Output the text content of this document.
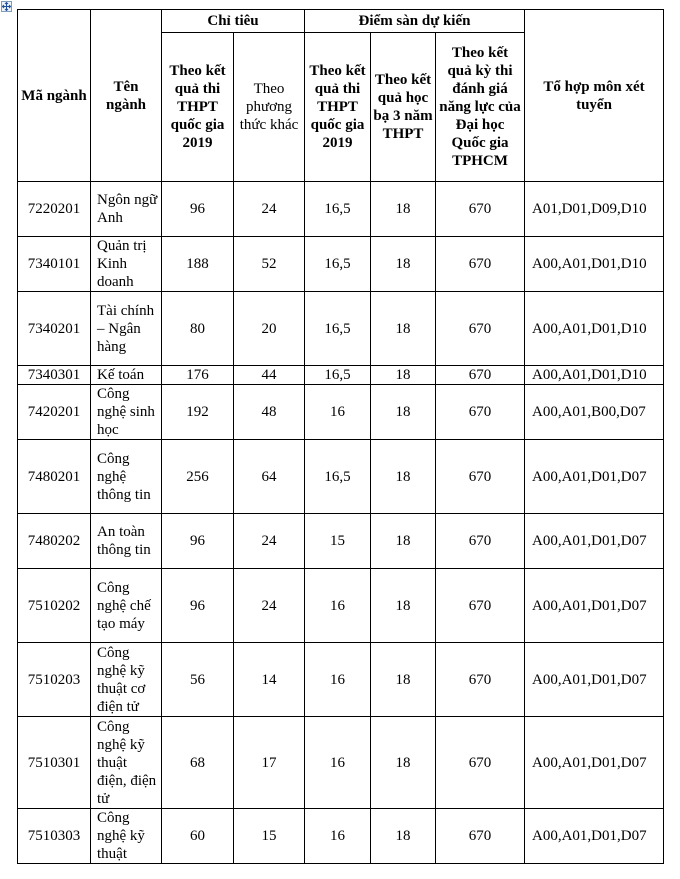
Mã ngành	Tên ngành	Chỉ tiêu		Điểm sàn dự kiến			Tổ hợp môn xét tuyển
		Theo kết quả thi THPT quốc gia 2019	Theo phương thức khác	Theo kết quả thi THPT quốc gia 2019	Theo kết quả học bạ 3 năm THPT	Theo kết quả kỳ thi đánh giá năng lực của Đại học Quốc gia TPHCM	
7220201	Ngôn ngữ Anh	96	24	16,5	18	670	A01,D01,D09,D10
7340101	Quản trị Kinh doanh	188	52	16,5	18	670	A00,A01,D01,D10
7340201	Tài chính – Ngân hàng	80	20	16,5	18	670	A00,A01,D01,D10
7340301	Kế toán	176	44	16,5	18	670	A00,A01,D01,D10
7420201	Công nghệ sinh học	192	48	16	18	670	A00,A01,B00,D07
7480201	Công nghệ thông tin	256	64	16,5	18	670	A00,A01,D01,D07
7480202	An toàn thông tin	96	24	15	18	670	A00,A01,D01,D07
7510202	Công nghệ chế tạo máy	96	24	16	18	670	A00,A01,D01,D07
7510203	Công nghệ kỹ thuật cơ điện tử	56	14	16	18	670	A00,A01,D01,D07
7510301	Công nghệ kỹ thuật điện, điện tử	68	17	16	18	670	A00,A01,D01,D07
7510303	Công nghệ kỹ thuật	60	15	16	18	670	A00,A01,D01,D07
